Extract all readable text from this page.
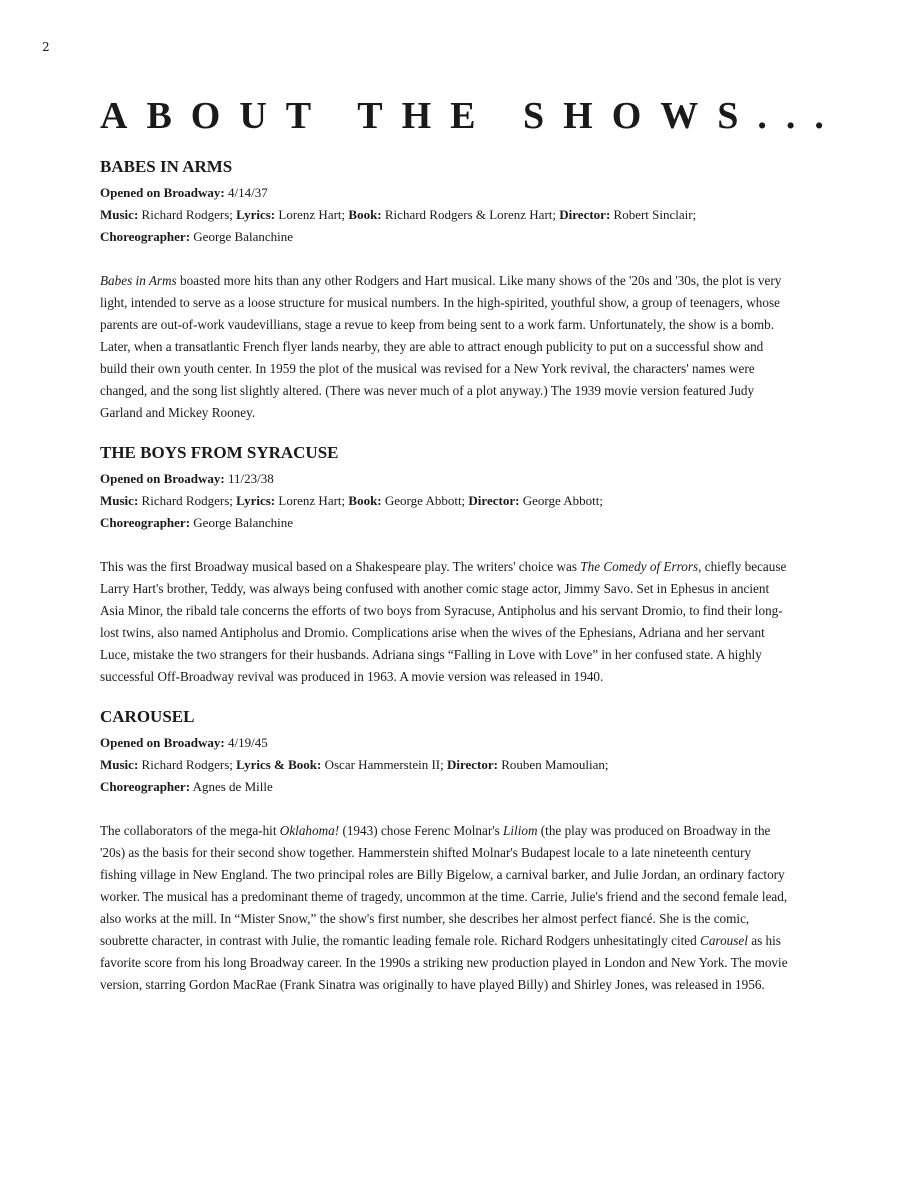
2
ABOUT THE SHOWS...
BABES IN ARMS
Opened on Broadway: 4/14/37
Music: Richard Rodgers; Lyrics: Lorenz Hart; Book: Richard Rodgers & Lorenz Hart; Director: Robert Sinclair;
Choreographer: George Balanchine

Babes in Arms boasted more hits than any other Rodgers and Hart musical. Like many shows of the '20s and '30s, the plot is very light, intended to serve as a loose structure for musical numbers. In the high-spirited, youthful show, a group of teenagers, whose parents are out-of-work vaudevillians, stage a revue to keep from being sent to a work farm. Unfortunately, the show is a bomb. Later, when a transatlantic French flyer lands nearby, they are able to attract enough publicity to put on a successful show and build their own youth center. In 1959 the plot of the musical was revised for a New York revival, the characters' names were changed, and the song list slightly altered. (There was never much of a plot anyway.) The 1939 movie version featured Judy Garland and Mickey Rooney.

THE BOYS FROM SYRACUSE
Opened on Broadway: 11/23/38
Music: Richard Rodgers; Lyrics: Lorenz Hart; Book: George Abbott; Director: George Abbott;
Choreographer: George Balanchine

This was the first Broadway musical based on a Shakespeare play. The writers' choice was The Comedy of Errors, chiefly because Larry Hart's brother, Teddy, was always being confused with another comic stage actor, Jimmy Savo. Set in Ephesus in ancient Asia Minor, the ribald tale concerns the efforts of two boys from Syracuse, Antipholus and his servant Dromio, to find their long-lost twins, also named Antipholus and Dromio. Complications arise when the wives of the Ephesians, Adriana and her servant Luce, mistake the two strangers for their husbands. Adriana sings “Falling in Love with Love” in her confused state. A highly successful Off-Broadway revival was produced in 1963. A movie version was released in 1940.

CAROUSEL
Opened on Broadway: 4/19/45
Music: Richard Rodgers; Lyrics & Book: Oscar Hammerstein II; Director: Rouben Mamoulian;
Choreographer: Agnes de Mille

The collaborators of the mega-hit Oklahoma! (1943) chose Ferenc Molnar's Liliom (the play was produced on Broadway in the '20s) as the basis for their second show together. Hammerstein shifted Molnar's Budapest locale to a late nineteenth century fishing village in New England. The two principal roles are Billy Bigelow, a carnival barker, and Julie Jordan, an ordinary factory worker. The musical has a predominant theme of tragedy, uncommon at the time. Carrie, Julie's friend and the second female lead, also works at the mill. In “Mister Snow,” the show's first number, she describes her almost perfect fiancé. She is the comic, soubrette character, in contrast with Julie, the romantic leading female role. Richard Rodgers unhesitatingly cited Carousel as his favorite score from his long Broadway career. In the 1990s a striking new production played in London and New York. The movie version, starring Gordon MacRae (Frank Sinatra was originally to have played Billy) and Shirley Jones, was released in 1956.
